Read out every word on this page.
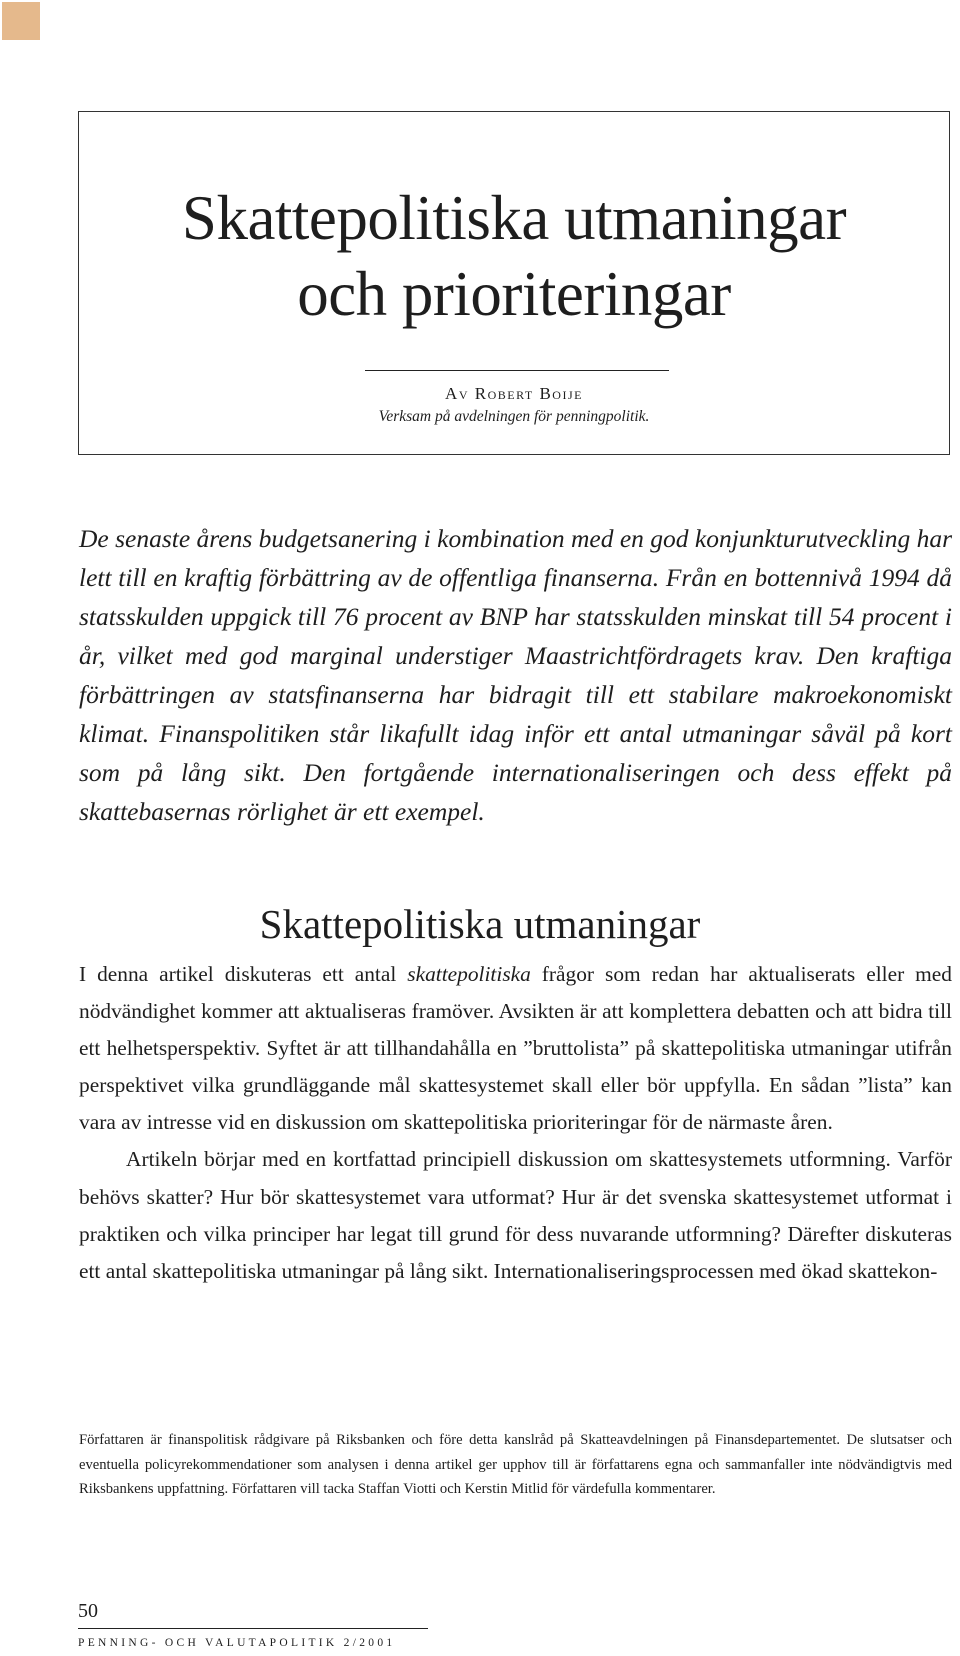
Skattepolitiska utmaningar
och prioriteringar
Av Robert Boije
Verksam på avdelningen för penningpolitik.

De senaste årens budgetsanering i kombination med en god konjunkturutveckling har lett till en kraftig förbättring av de offentliga finanserna. Från en bottennivå 1994 då statsskulden uppgick till 76 procent av BNP har statsskulden minskat till 54 procent i år, vilket med god marginal understiger Maastrichtfördragets krav. Den kraftiga förbättringen av statsfinanserna har bidragit till ett stabilare makroekonomiskt klimat. Finanspolitiken står likafullt idag inför ett antal utmaningar såväl på kort som på lång sikt. Den fortgående internationaliseringen och dess effekt på skattebasernas rörlighet är ett exempel.

Skattepolitiska utmaningar

I denna artikel diskuteras ett antal skattepolitiska frågor som redan har aktualiserats eller med nödvändighet kommer att aktualiseras framöver. Avsikten är att komplettera debatten och att bidra till ett helhetsperspektiv. Syftet är att tillhandahålla en ”bruttolista” på skattepolitiska utmaningar utifrån perspektivet vilka grundläggande mål skattesystemet skall eller bör uppfylla. En sådan ”lista” kan vara av intresse vid en diskussion om skattepolitiska prioriteringar för de närmaste åren.

Artikeln börjar med en kortfattad principiell diskussion om skattesystemets utformning. Varför behövs skatter? Hur bör skattesystemet vara utformat? Hur är det svenska skattesystemet utformat i praktiken och vilka principer har legat till grund för dess nuvarande utformning? Därefter diskuteras ett antal skattepolitiska utmaningar på lång sikt. Internationaliseringsprocessen med ökad skattekon-

Författaren är finanspolitisk rådgivare på Riksbanken och före detta kanslråd på Skatteavdelningen på Finansdepartementet. De slutsatser och eventuella policyrekommendationer som analysen i denna artikel ger upphov till är författarens egna och sammanfaller inte nödvändigtvis med Riksbankens uppfattning. Författaren vill tacka Staffan Viotti och Kerstin Mitlid för värdefulla kommentarer.

50
PENNING- OCH VALUTAPOLITIK 2/2001
